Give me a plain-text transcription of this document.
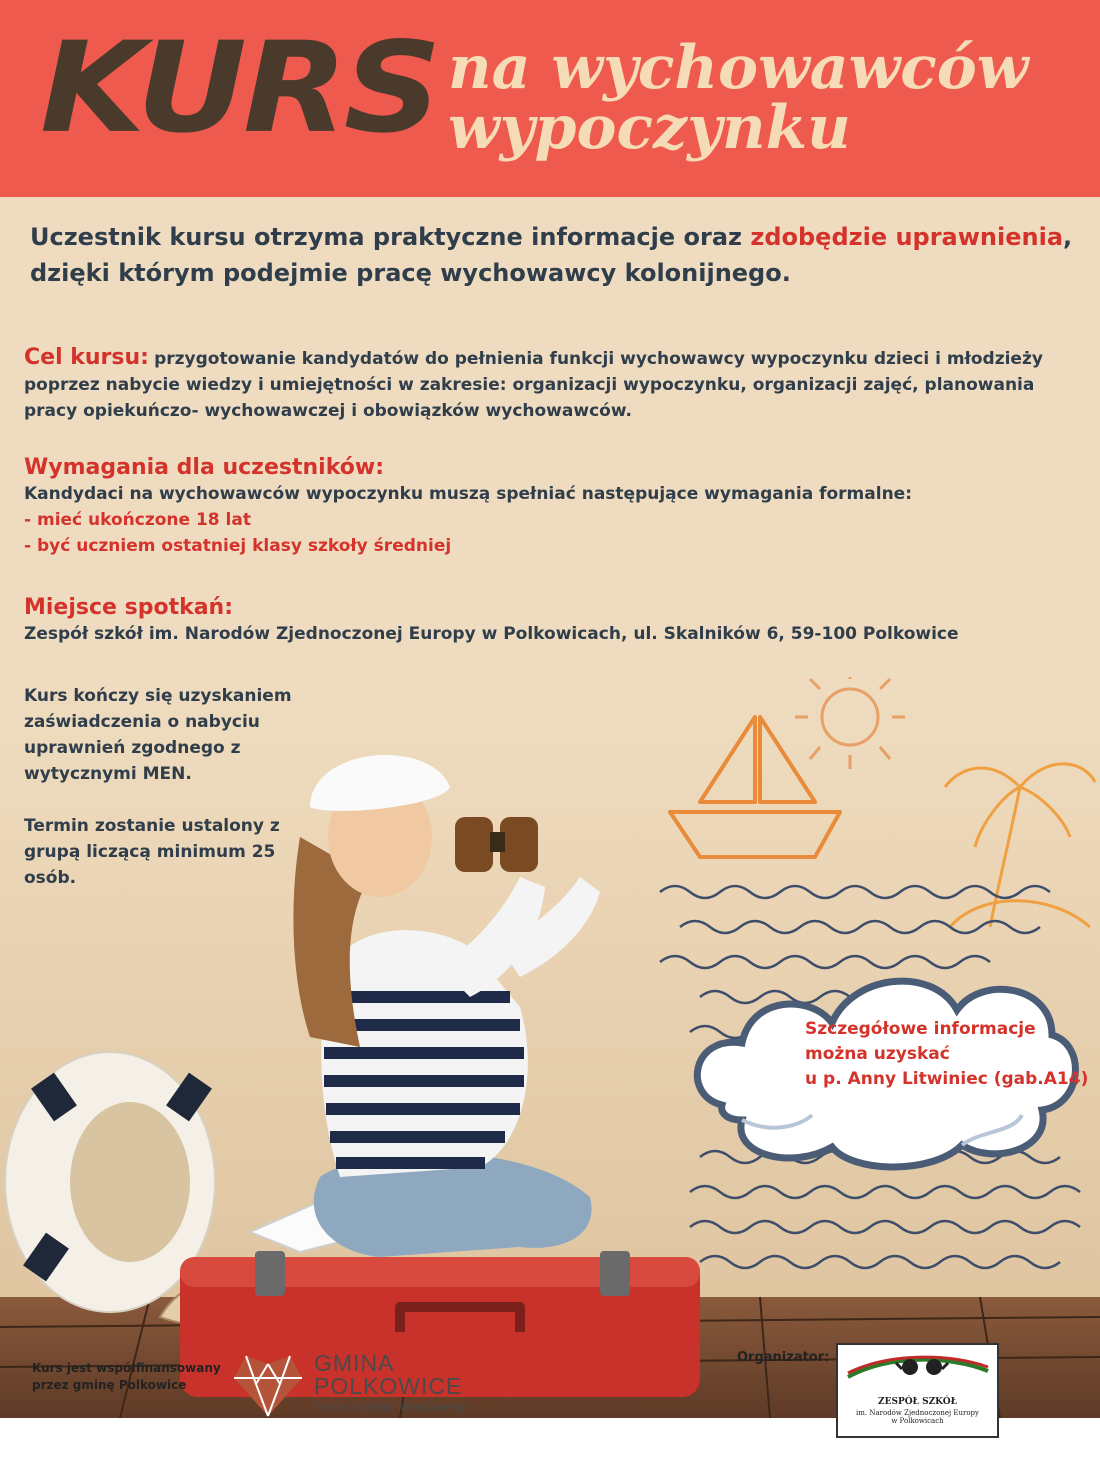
KURS na wychowawców
wypoczynku
Uczestnik kursu otrzyma praktyczne informacje oraz zdobędzie uprawnienia,
dzięki którym podejmie pracę wychowawcy kolonijnego.
Cel kursu: przygotowanie kandydatów do pełnienia funkcji wychowawcy wypoczynku dzieci i młodzieży poprzez nabycie wiedzy i umiejętności w zakresie: organizacji wypoczynku, organizacji zajęć, planowania pracy opiekuńczo- wychowawczej i obowiązków wychowawców.
Wymagania dla uczestników:
Kandydaci na wychowawców wypoczynku muszą spełniać następujące wymagania formalne:
- mieć ukończone 18 lat
- być uczniem ostatniej klasy szkoły średniej
Miejsce spotkań:
Zespół szkół im. Narodów Zjednoczonej Europy w Polkowicach, ul. Skalników 6, 59-100 Polkowice

Kurs kończy się uzyskaniem zaświadczenia o nabyciu uprawnień zgodnego z wytycznymi MEN.

Termin zostanie ustalony z grupą liczącą minimum 25 osób.

Szczegółowe informacje
można uzyskać
u p. Anny Litwiniec (gab.A14)
Kurs jest współfinansowany
przez gminę Polkowice
GMINA
POLKOWICE
Serce Zagłębia Miedziowego
Organizator:
ZESPÓŁ SZKÓŁ
im. Narodów Zjednoczonej Europy
w Polkowicach
